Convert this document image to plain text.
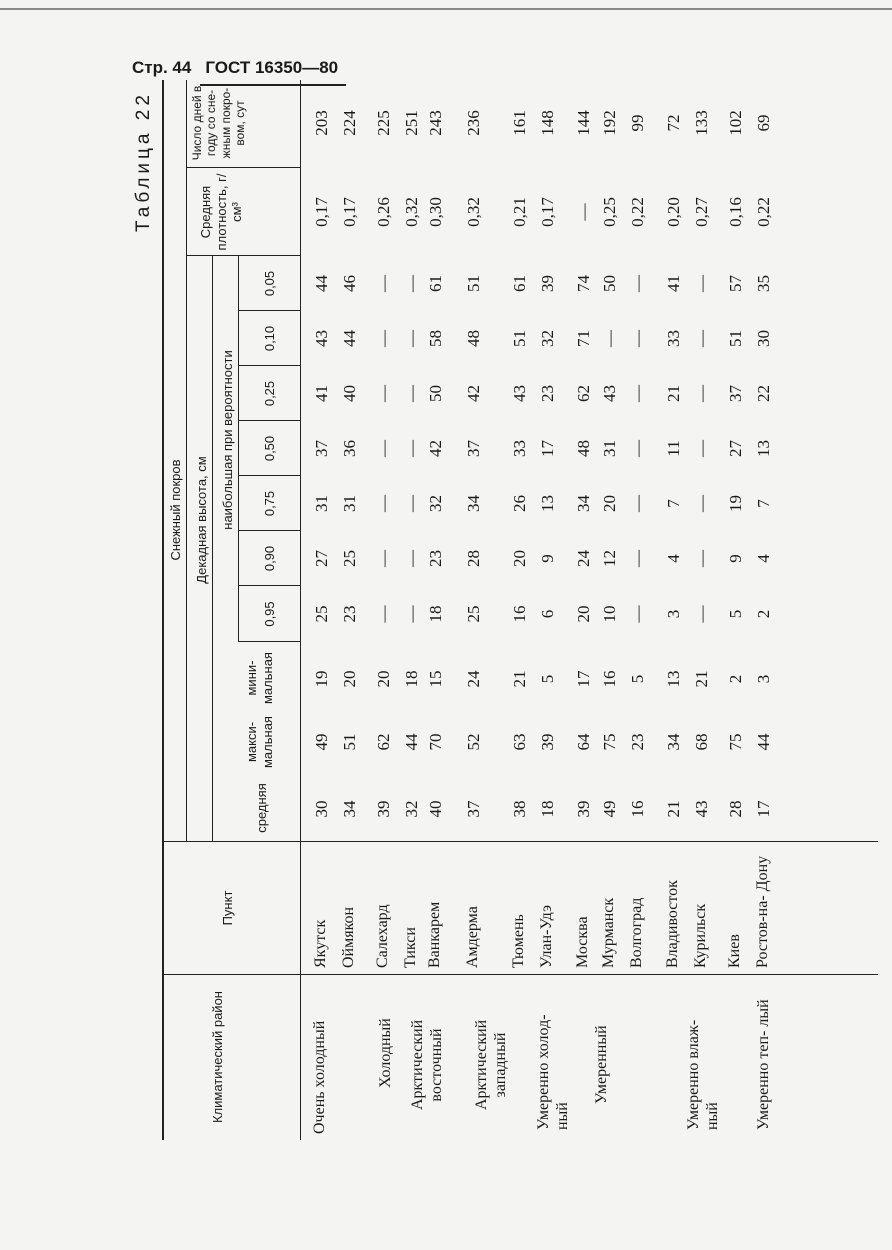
Стр. 44 ГОСТ 16350—80
Таблица 22
Климатический район
Пункт
Снежный покров Декадная высота, см
средняя
макси- мальная
мини- мальная
наибольшая при вероятности
Средняя плотность, г/см³
Число дней в году со сне- жным покро- вом, сут
0,95
0,90
0,75
0,50
0,25
0,10
0,05
Очень холодный	Холодный Арктический восточный Арктический западный Умеренно холод- ный
Умеренный	Умеренно влаж- ный Умеренно теп- лый
Якутск
30
49
19
25
27
31
37
41
43
44
0,17
203
Оймякон
34
51
20
23
25
31
36
40
44
46
0,17
224
Салехард
39
62
20
—
—
—
—
—
—
—
0,26
225
Тикси
32
44
18
—
—
—
—
—
—
—
0,32
251
Ванкарем
40
70
15
18
23
32
42
50
58
61
0,30
243
Амдерма
37
52
24
25
28
34
37
42
48
51
0,32
236
Тюмень
38
63
21
16
20
26
33
43
51
61
0,21
161
Улан-Удэ
18
39
5
6
9
13
17
23
32
39
0,17
148
Москва
39
64
17
20
24
34
48
62
71
74
—
144
Мурманск
49
75
16
10
12
20
31
43
—
50
0,25
192
Волгоград
16
23
5
—
—
—
—
—
—
—
0,22
99
Владивосток
21
34
13
3
4
7
11
21
33
41
0,20
72
Курильск
43
68
21
—
—
—
—
—
—
—
0,27
133
Киев
28
75
2
5
9
19
27
37
51
57
0,16
102
Ростов-на- Дону
17
44
3
2
4
7
13
22
30
35
0,22
69
